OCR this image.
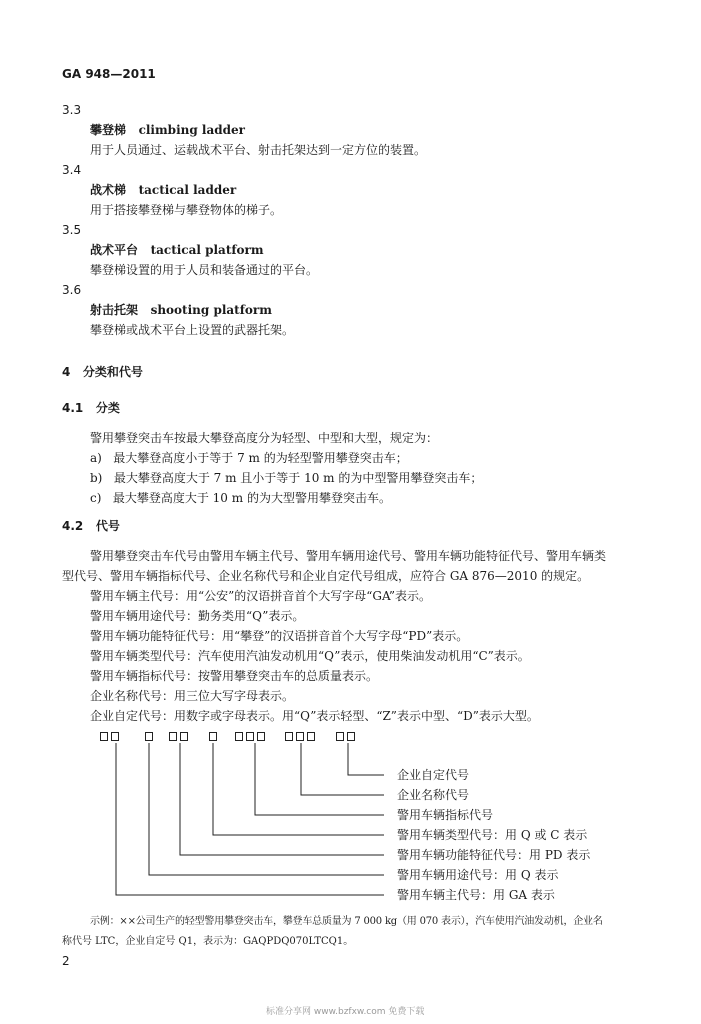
GA 948—2011
3.3
攀登梯 climbing ladder
用于人员通过、运载战术平台、射击托架达到一定方位的装置。
3.4
战术梯 tactical ladder
用于搭接攀登梯与攀登物体的梯子。
3.5
战术平台 tactical platform
攀登梯设置的用于人员和装备通过的平台。
3.6
射击托架 shooting platform
攀登梯或战术平台上设置的武器托架。
4 分类和代号
4.1 分类
警用攀登突击车按最大攀登高度分为轻型、中型和大型，规定为：
a) 最大攀登高度小于等于 7 m 的为轻型警用攀登突击车；
b) 最大攀登高度大于 7 m 且小于等于 10 m 的为中型警用攀登突击车；
c) 最大攀登高度大于 10 m 的为大型警用攀登突击车。
4.2 代号
警用攀登突击车代号由警用车辆主代号、警用车辆用途代号、警用车辆功能特征代号、警用车辆类
型代号、警用车辆指标代号、企业名称代号和企业自定代号组成，应符合 GA 876—2010 的规定。
警用车辆主代号：用“公安”的汉语拼音首个大写字母“GA”表示。
警用车辆用途代号：勤务类用“Q”表示。
警用车辆功能特征代号：用“攀登”的汉语拼音首个大写字母“PD”表示。
警用车辆类型代号：汽车使用汽油发动机用“Q”表示，使用柴油发动机用“C”表示。
警用车辆指标代号：按警用攀登突击车的总质量表示。
企业名称代号：用三位大写字母表示。
企业自定代号：用数字或字母表示。用“Q”表示轻型、“Z”表示中型、“D”表示大型。
企业自定代号
企业名称代号
警用车辆指标代号
警用车辆类型代号：用 Q 或 C 表示
警用车辆功能特征代号：用 PD 表示
警用车辆用途代号：用 Q 表示
警用车辆主代号：用 GA 表示
示例：××公司生产的轻型警用攀登突击车，攀登车总质量为 7 000 kg（用 070 表示），汽车使用汽油发动机，企业名
称代号 LTC，企业自定号 Q1，表示为：GAQPDQ070LTCQ1。
2
标准分享网 www.bzfxw.com 免费下载
